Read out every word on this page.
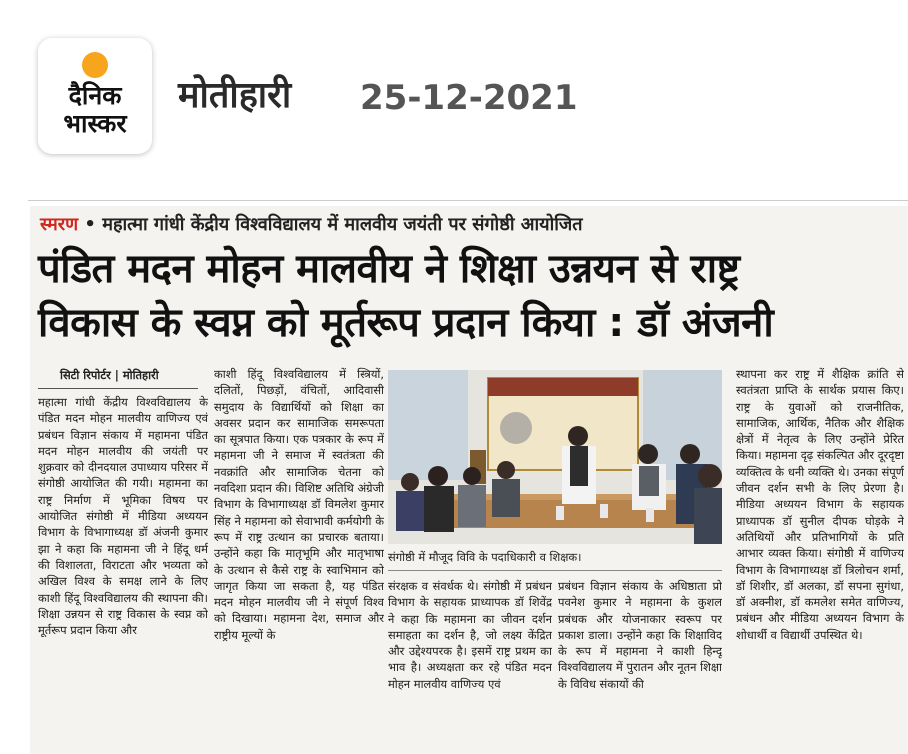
दैनिक
भास्कर
मोतीहारी 25-12-2021
स्मरण • महात्मा गांधी केंद्रीय विश्वविद्यालय में मालवीय जयंती पर संगोष्ठी आयोजित
पंडित मदन मोहन मालवीय ने शिक्षा उन्नयन से राष्ट्र
विकास के स्वप्न को मूर्तरूप प्रदान किया : डॉ अंजनी
सिटी रिपोर्टर | मोतिहारी
महात्मा गांधी केंद्रीय विश्वविद्यालय के पंडित मदन मोहन मालवीय वाणिज्य एवं प्रबंधन विज्ञान संकाय में महामना पंडित मदन मोहन मालवीय की जयंती पर शुक्रवार को दीनदयाल उपाध्याय परिसर में संगोष्ठी आयोजित की गयी। महामना का राष्ट्र निर्माण में भूमिका विषय पर आयोजित संगोष्ठी में मीडिया अध्ययन विभाग के विभागाध्यक्ष डॉ अंजनी कुमार झा ने कहा कि महामना जी ने हिंदू धर्म की विशालता, विराटता और भव्यता को अखिल विश्व के समक्ष लाने के लिए काशी हिंदू विश्वविद्यालय की स्थापना की। शिक्षा उन्नयन से राष्ट्र विकास के स्वप्न को मूर्तरूप प्रदान किया और
काशी हिंदू विश्वविद्यालय में स्त्रियों, दलितों, पिछड़ों, वंचितों, आदिवासी समुदाय के विद्यार्थियों को शिक्षा का अवसर प्रदान कर सामाजिक समरूपता का सूत्रपात किया। एक पत्रकार के रूप में महामना जी ने समाज में स्वतंत्रता की नवक्रांति और सामाजिक चेतना को नवदिशा प्रदान की। विशिष्ट अतिथि अंग्रेजी विभाग के विभागाध्यक्ष डॉ विमलेश कुमार सिंह ने महामना को सेवाभावी कर्मयोगी के रूप में राष्ट्र उत्थान का प्रचारक बताया। उन्होंने कहा कि मातृभूमि और मातृभाषा के उत्थान से कैसे राष्ट्र के स्वाभिमान को जागृत किया जा सकता है, यह पंडित मदन मोहन मालवीय जी ने संपूर्ण विश्व को दिखाया। महामना देश, समाज और राष्ट्रीय मूल्यों के
संगोष्ठी में मौजूद विवि के पदाधिकारी व शिक्षक।
संरक्षक व संवर्धक थे। संगोष्ठी में प्रबंधन विभाग के सहायक प्राध्यापक डॉ शिवेंद्र ने कहा कि महामना का जीवन दर्शन समाहता का दर्शन है, जो लक्ष्य केंद्रित और उद्देश्यपरक है। इसमें राष्ट्र प्रथम का भाव है। अध्यक्षता कर रहे पंडित मदन मोहन मालवीय वाणिज्य एवं
प्रबंधन विज्ञान संकाय के अधिष्ठाता प्रो पवनेश कुमार ने महामना के कुशल प्रबंधक और योजनाकार स्वरूप पर प्रकाश डाला। उन्होंने कहा कि शिक्षाविद के रूप में महामना ने काशी हिन्दू विश्वविद्यालय में पुरातन और नूतन शिक्षा के विविध संकायों की
स्थापना कर राष्ट्र में शैक्षिक क्रांति से स्वतंत्रता प्राप्ति के सार्थक प्रयास किए। राष्ट्र के युवाओं को राजनीतिक, सामाजिक, आर्थिक, नैतिक और शैक्षिक क्षेत्रों में नेतृत्व के लिए उन्होंने प्रेरित किया। महामना दृढ़ संकल्पित और दूरदृष्टा व्यक्तित्व के धनी व्यक्ति थे। उनका संपूर्ण जीवन दर्शन सभी के लिए प्रेरणा है। मीडिया अध्ययन विभाग के सहायक प्राध्यापक डॉ सुनील दीपक घोड़के ने अतिथियों और प्रतिभागियों के प्रति आभार व्यक्त किया। संगोष्ठी में वाणिज्य विभाग के विभागाध्यक्ष डॉ त्रिलोचन शर्मा, डॉ शिशीर, डॉ अलका, डॉ सपना सुगंधा, डॉ अक्नीश, डॉ कमलेश समेत वाणिज्य, प्रबंधन और मीडिया अध्ययन विभाग के शोधार्थी व विद्यार्थी उपस्थित थे।
